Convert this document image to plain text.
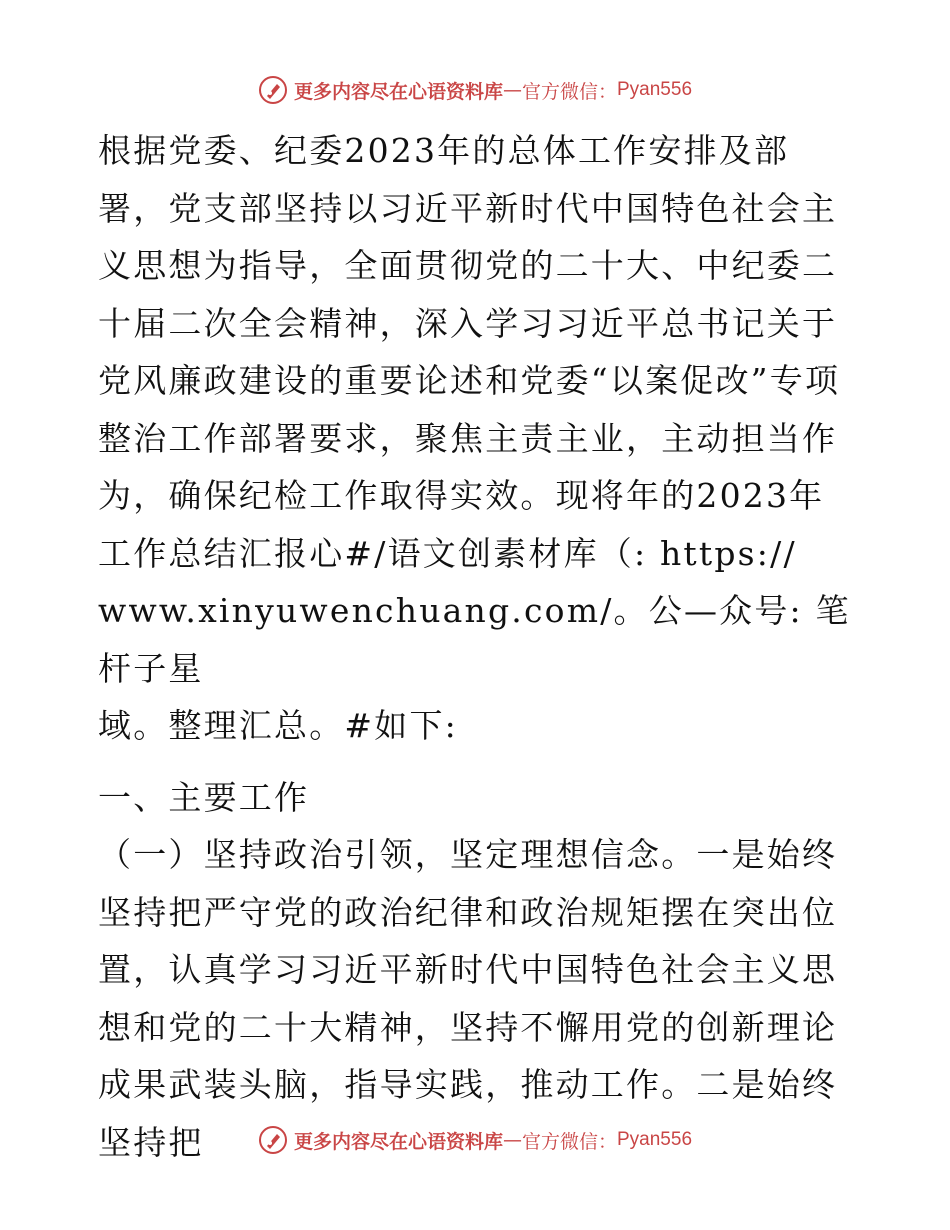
更多内容尽在心语资料库 — 官方微信： Pyan556

根据党委、纪委2023年的总体工作安排及部署，党支部坚持以习近平新时代中国特色社会主义思想为指导，全面贯彻党的二十大、中纪委二十届二次全会精神，深入学习习近平总书记关于党风廉政建设的重要论述和党委“以案促改”专项整治工作部署要求，聚焦主责主业，主动担当作为，确保纪检工作取得实效。现将年的2023年工作总结汇报心#/语文创素材库（: https://
www.xinyuwenchuang.com/。公—众号: 笔杆子星
域。整理汇总。#如下:

一、主要工作

（一）坚持政治引领，坚定理想信念。一是始终坚持把严守党的政治纪律和政治规矩摆在突出位置，认真学习习近平新时代中国特色社会主义思想和党的二十大精神，坚持不懈用党的创新理论成果武装头脑，指导实践，推动工作。二是始终坚持把	更多内容尽在心语资料库 — 官方微信： Pyan556
